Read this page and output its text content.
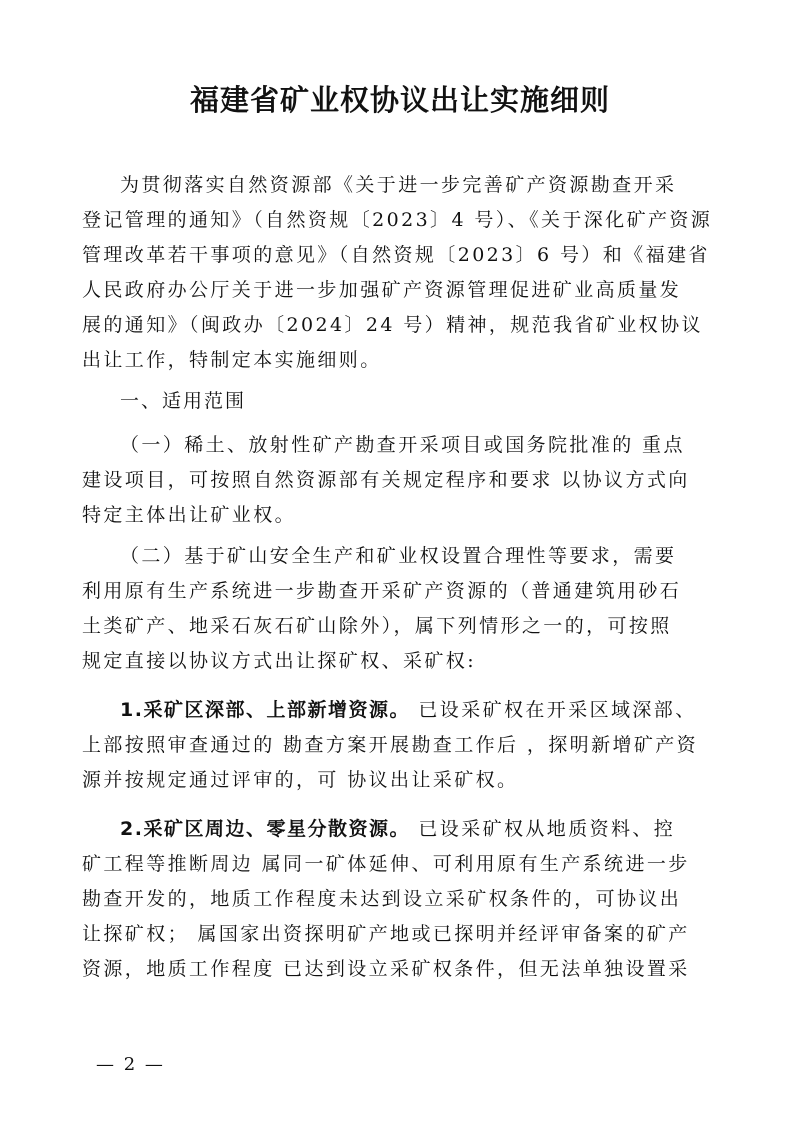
福建省矿业权协议出让实施细则
为贯彻落实自然资源部《关于进一步完善矿产资源勘查开采
登记管理的通知》（自然资规〔2023〕4 号）、《关于深化矿产资源
管理改革若干事项的意见》（自然资规〔2023〕6 号）和《福建省
人民政府办公厅关于进一步加强矿产资源管理促进矿业高质量发
展的通知》（闽政办〔2024〕24 号）精神，规范我省矿业权协议
出让工作，特制定本实施细则。
一、适用范围
（一）稀土、放射性矿产勘查开采项目或国务院批准的 重点
建设项目，可按照自然资源部有关规定程序和要求 以协议方式向
特定主体出让矿业权。
（二）基于矿山安全生产和矿业权设置合理性等要求，需要
利用原有生产系统进一步勘查开采矿产资源的（普通建筑用砂石
土类矿产、地采石灰石矿山除外），属下列情形之一的，可按照
规定直接以协议方式出让探矿权、采矿权:
1.采矿区深部、上部新增资源。 已设采矿权在开采区域深部、
上部按照审查通过的 勘查方案开展勘查工作后 ，探明新增矿产资
源并按规定通过评审的，可 协议出让采矿权。
2.采矿区周边、零星分散资源。 已设采矿权从地质资料、控
矿工程等推断周边 属同一矿体延伸、可利用原有生产系统进一步
勘查开发的，地质工作程度未达到设立采矿权条件的，可协议出
让探矿权； 属国家出资探明矿产地或已探明并经评审备案的矿产
资源，地质工作程度 已达到设立采矿权条件，但无法单独设置采
— 2 —
